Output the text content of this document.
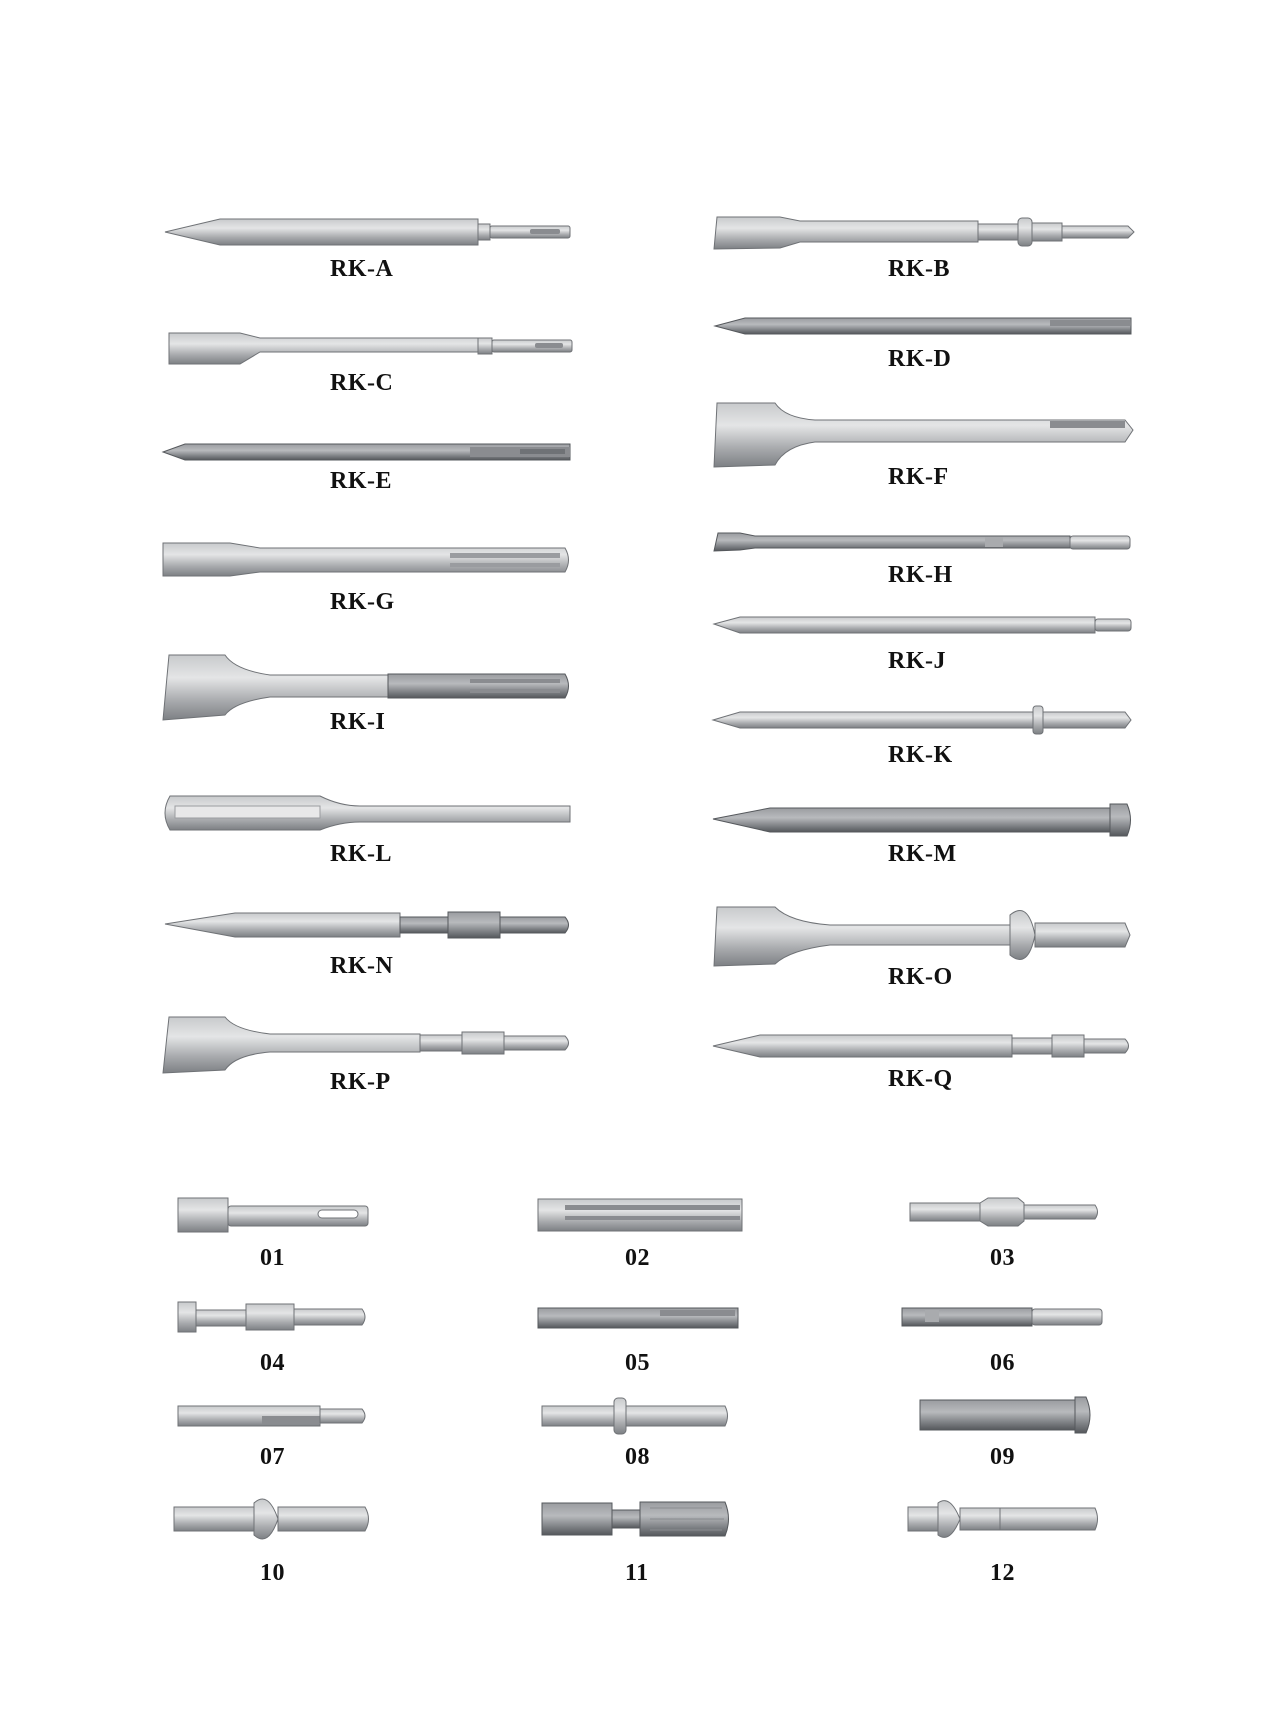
RK-A
RK-C
RK-E
RK-G
RK-I
RK-L
RK-N
RK-P
RK-B
RK-D
RK-F
RK-H
RK-J
RK-K
RK-M
RK-O
RK-Q
01	02	03
04	05	06
07	08	09
10	11	12
